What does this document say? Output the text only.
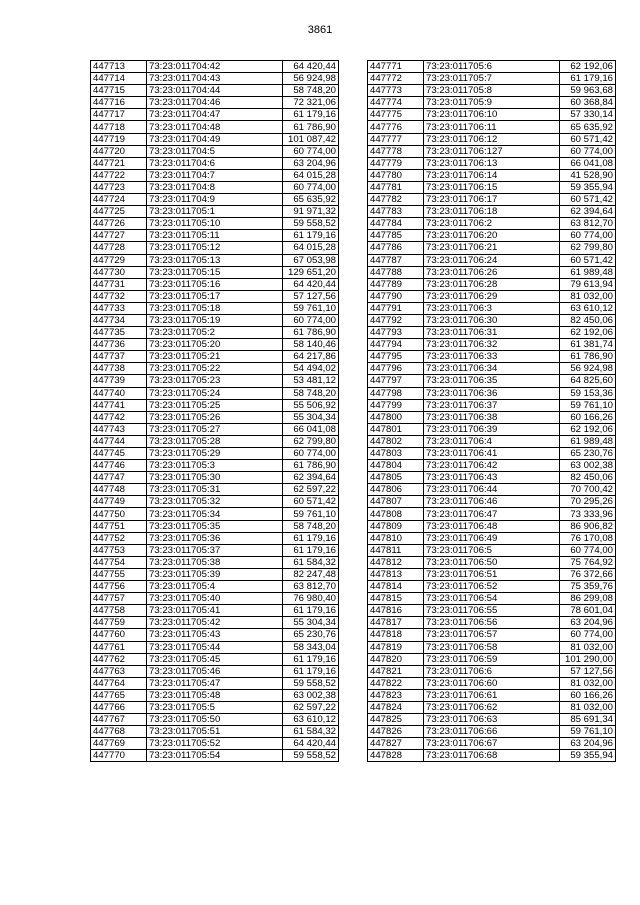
3861
447713	73:23:011704:42	64 420,44
447714	73:23:011704:43	56 924,98
447715	73:23:011704:44	58 748,20
447716	73:23:011704:46	72 321,06
447717	73:23:011704:47	61 179,16
447718	73:23:011704:48	61 786,90
447719	73:23:011704:49	101 087,42
447720	73:23:011704:5	60 774,00
447721	73:23:011704:6	63 204,96
447722	73:23:011704:7	64 015,28
447723	73:23:011704:8	60 774,00
447724	73:23:011704:9	65 635,92
447725	73:23:011705:1	91 971,32
447726	73:23:011705:10	59 558,52
447727	73:23:011705:11	61 179,16
447728	73:23:011705:12	64 015,28
447729	73:23:011705:13	67 053,98
447730	73:23:011705:15	129 651,20
447731	73:23:011705:16	64 420,44
447732	73:23:011705:17	57 127,56
447733	73:23:011705:18	59 761,10
447734	73:23:011705:19	60 774,00
447735	73:23:011705:2	61 786,90
447736	73:23:011705:20	58 140,46
447737	73:23:011705:21	64 217,86
447738	73:23:011705:22	54 494,02
447739	73:23:011705:23	53 481,12
447740	73:23:011705:24	58 748,20
447741	73:23:011705:25	55 506,92
447742	73:23:011705:26	55 304,34
447743	73:23:011705:27	66 041,08
447744	73:23:011705:28	62 799,80
447745	73:23:011705:29	60 774,00
447746	73:23:011705:3	61 786,90
447747	73:23:011705:30	62 394,64
447748	73:23:011705:31	62 597,22
447749	73:23:011705:32	60 571,42
447750	73:23:011705:34	59 761,10
447751	73:23:011705:35	58 748,20
447752	73:23:011705:36	61 179,16
447753	73:23:011705:37	61 179,16
447754	73:23:011705:38	61 584,32
447755	73:23:011705:39	82 247,48
447756	73:23:011705:4	63 812,70
447757	73:23:011705:40	76 980,40
447758	73:23:011705:41	61 179,16
447759	73:23:011705:42	55 304,34
447760	73:23:011705:43	65 230,76
447761	73:23:011705:44	58 343,04
447762	73:23:011705:45	61 179,16
447763	73:23:011705:46	61 179,16
447764	73:23:011705:47	59 558,52
447765	73:23:011705:48	63 002,38
447766	73:23:011705:5	62 597,22
447767	73:23:011705:50	63 610,12
447768	73:23:011705:51	61 584,32
447769	73:23:011705:52	64 420,44
447770	73:23:011705:54	59 558,52
447771	73:23:011705:6	62 192,06
447772	73:23:011705:7	61 179,16
447773	73:23:011705:8	59 963,68
447774	73:23:011705:9	60 368,84
447775	73:23:011706:10	57 330,14
447776	73:23:011706:11	65 635,92
447777	73:23:011706:12	60 571,42
447778	73:23:011706:127	60 774,00
447779	73:23:011706:13	66 041,08
447780	73:23:011706:14	41 528,90
447781	73:23:011706:15	59 355,94
447782	73:23:011706:17	60 571,42
447783	73:23:011706:18	62 394,64
447784	73:23:011706:2	63 812,70
447785	73:23:011706:20	60 774,00
447786	73:23:011706:21	62 799,80
447787	73:23:011706:24	60 571,42
447788	73:23:011706:26	61 989,48
447789	73:23:011706:28	79 613,94
447790	73:23:011706:29	81 032,00
447791	73:23:011706:3	63 610,12
447792	73:23:011706:30	82 450,06
447793	73:23:011706:31	62 192,06
447794	73:23:011706:32	61 381,74
447795	73:23:011706:33	61 786,90
447796	73:23:011706:34	56 924,98
447797	73:23:011706:35	64 825,60
447798	73:23:011706:36	59 153,36
447799	73:23:011706:37	59 761,10
447800	73:23:011706:38	60 166,26
447801	73:23:011706:39	62 192,06
447802	73:23:011706:4	61 989,48
447803	73:23:011706:41	65 230,76
447804	73:23:011706:42	63 002,38
447805	73:23:011706:43	82 450,06
447806	73:23:011706:44	70 700,42
447807	73:23:011706:46	70 295,26
447808	73:23:011706:47	73 333,96
447809	73:23:011706:48	86 906,82
447810	73:23:011706:49	76 170,08
447811	73:23:011706:5	60 774,00
447812	73:23:011706:50	75 764,92
447813	73:23:011706:51	76 372,66
447814	73:23:011706:52	75 359,76
447815	73:23:011706:54	86 299,08
447816	73:23:011706:55	78 601,04
447817	73:23:011706:56	63 204,96
447818	73:23:011706:57	60 774,00
447819	73:23:011706:58	81 032,00
447820	73:23:011706:59	101 290,00
447821	73:23:011706:6	57 127,56
447822	73:23:011706:60	81 032,00
447823	73:23:011706:61	60 166,26
447824	73:23:011706:62	81 032,00
447825	73:23:011706:63	85 691,34
447826	73:23:011706:66	59 761,10
447827	73:23:011706:67	63 204,96
447828	73:23:011706:68	59 355,94
